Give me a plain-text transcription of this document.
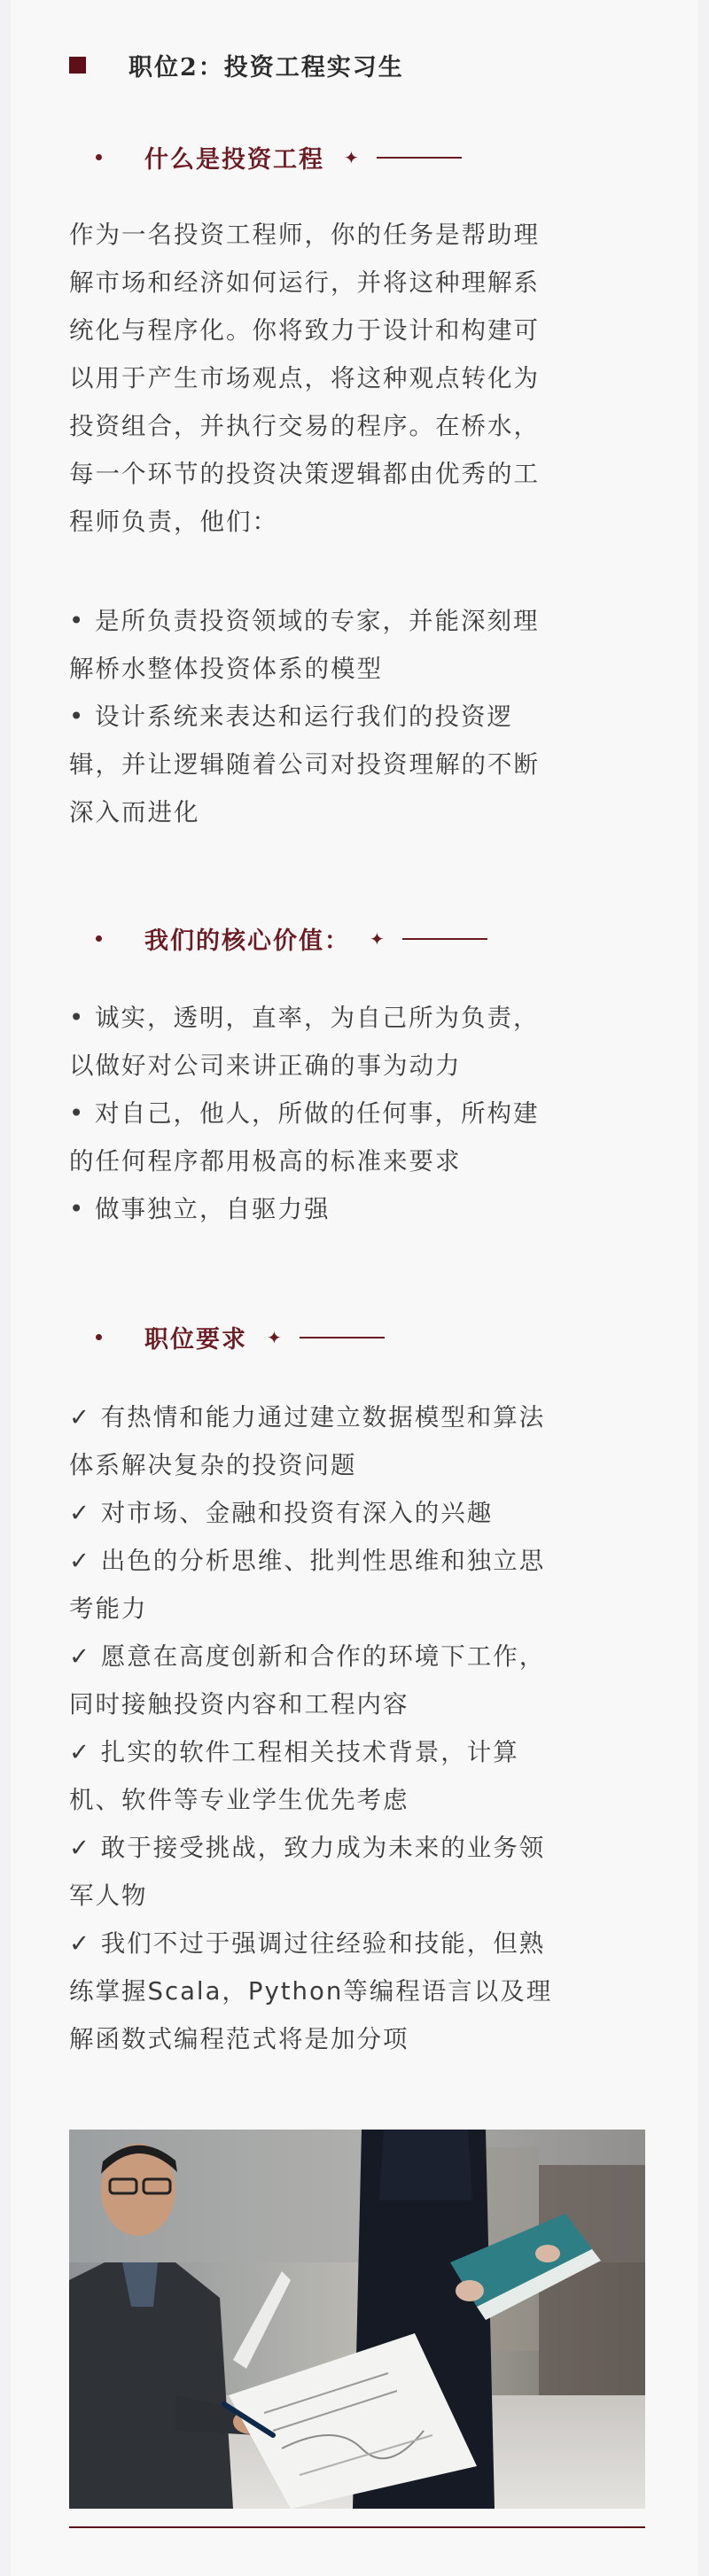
职位2：投资工程实习生
什么是投资工程 ✦
作为一名投资工程师，你的任务是帮助理
解市场和经济如何运行，并将这种理解系
统化与程序化。你将致力于设计和构建可
以用于产生市场观点，将这种观点转化为
投资组合，并执行交易的程序。在桥水，
每一个环节的投资决策逻辑都由优秀的工
程师负责，他们：
• 是所负责投资领域的专家，并能深刻理
解桥水整体投资体系的模型
• 设计系统来表达和运行我们的投资逻
辑，并让逻辑随着公司对投资理解的不断
深入而进化
我们的核心价值： ✦
• 诚实，透明，直率，为自己所为负责，
以做好对公司来讲正确的事为动力
• 对自己，他人，所做的任何事，所构建
的任何程序都用极高的标准来要求
• 做事独立，自驱力强
职位要求 ✦
✓ 有热情和能力通过建立数据模型和算法
体系解决复杂的投资问题
✓ 对市场、金融和投资有深入的兴趣
✓ 出色的分析思维、批判性思维和独立思
考能力
✓ 愿意在高度创新和合作的环境下工作，
同时接触投资内容和工程内容
✓ 扎实的软件工程相关技术背景，计算
机、软件等专业学生优先考虑
✓ 敢于接受挑战，致力成为未来的业务领
军人物
✓ 我们不过于强调过往经验和技能，但熟
练掌握Scala，Python等编程语言以及理
解函数式编程范式将是加分项
